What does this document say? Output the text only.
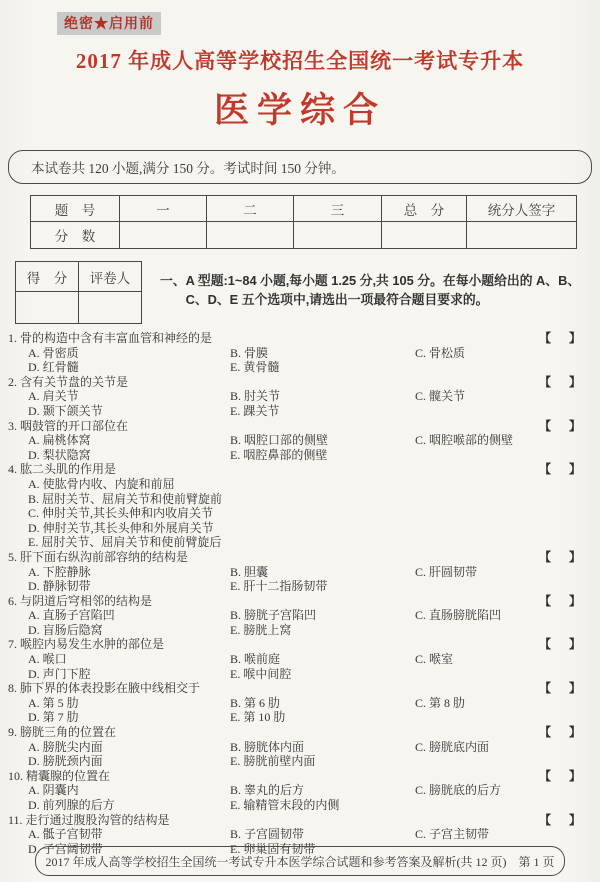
绝密★启用前
2017 年成人高等学校招生全国统一考试专升本
医学综合
本试卷共 120 小题,满分 150 分。考试时间 150 分钟。
题　号	一	二	三	总　分	统分人签字
分　数					
得　分	评卷人
	一、A 型题:1~84 小题,每小题 1.25 分,共 105 分。在每小题给出的 A、B、C、D、E 五个选项中,请选出一项最符合题目要求的。
1. 骨的构造中含有丰富血管和神经的是	【　】
A. 骨密质	B. 骨膜	C. 骨松质
D. 红骨髓	E. 黄骨髓
2. 含有关节盘的关节是	【　】
A. 肩关节	B. 肘关节	C. 髋关节
D. 颞下颌关节	E. 踝关节
3. 咽鼓管的开口部位在	【　】
A. 扁桃体窝	B. 咽腔口部的侧壁	C. 咽腔喉部的侧壁
D. 梨状隐窝	E. 咽腔鼻部的侧壁
4. 肱二头肌的作用是	【　】
A. 使肱骨内收、内旋和前屈
B. 屈肘关节、屈肩关节和使前臂旋前
C. 伸肘关节,其长头伸和内收肩关节
D. 伸肘关节,其长头伸和外展肩关节
E. 屈肘关节、屈肩关节和使前臂旋后
5. 肝下面右纵沟前部容纳的结构是	【　】
A. 下腔静脉	B. 胆囊	C. 肝圆韧带
D. 静脉韧带	E. 肝十二指肠韧带
6. 与阴道后穹相邻的结构是	【　】
A. 直肠子宫陷凹	B. 膀胱子宫陷凹	C. 直肠膀胱陷凹
D. 盲肠后隐窝	E. 膀胱上窝
7. 喉腔内易发生水肿的部位是	【　】
A. 喉口	B. 喉前庭	C. 喉室
D. 声门下腔	E. 喉中间腔
8. 肺下界的体表投影在腋中线相交于	【　】
A. 第 5 肋	B. 第 6 肋	C. 第 8 肋
D. 第 7 肋	E. 第 10 肋
9. 膀胱三角的位置在	【　】
A. 膀胱尖内面	B. 膀胱体内面	C. 膀胱底内面
D. 膀胱颈内面	E. 膀胱前壁内面
10. 精囊腺的位置在	【　】
A. 阴囊内	B. 睾丸的后方	C. 膀胱底的后方
D. 前列腺的后方	E. 输精管末段的内侧
11. 走行通过腹股沟管的结构是	【　】
A. 骶子宫韧带	B. 子宫圆韧带	C. 子宫主韧带
D. 子宫阔韧带	E. 卵巢固有韧带
2017 年成人高等学校招生全国统一考试专升本医学综合试题和参考答案及解析(共 12 页)　第 1 页
